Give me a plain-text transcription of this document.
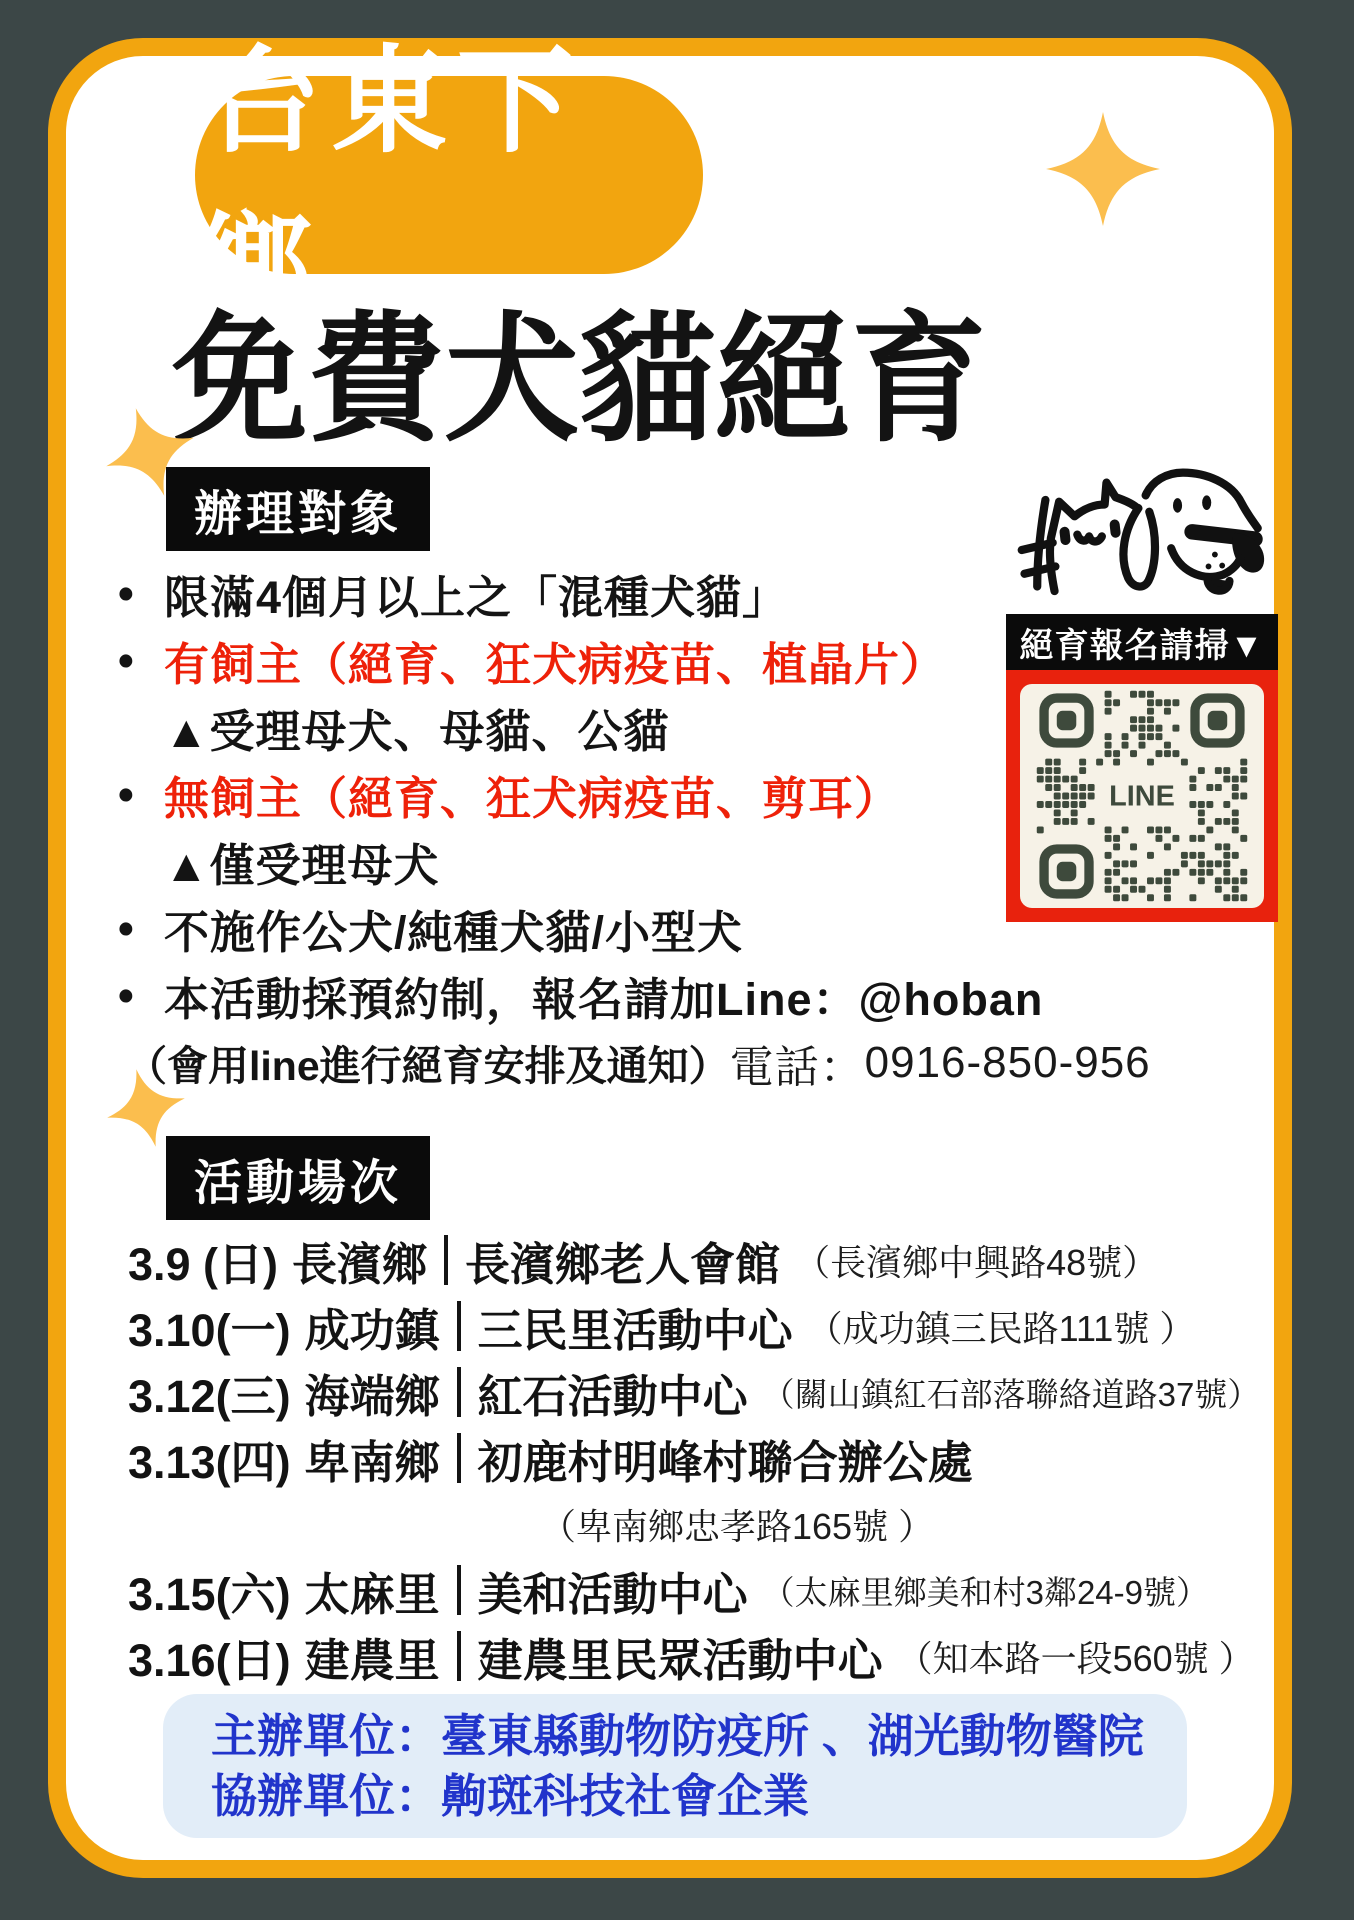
台東下鄉
免費犬貓絕育
辦理對象
• 限滿4個月以上之「混種犬貓」
• 有飼主（絕育、狂犬病疫苗、植晶片）
▲受理母犬、母貓、公貓
• 無飼主（絕育、狂犬病疫苗、剪耳）
▲僅受理母犬
• 不施作公犬/純種犬貓/小型犬
• 本活動採預約制，報名請加Line：@hoban
（會用line進行絕育安排及通知） 電話： 0916-850-956
絕育報名請掃▼
LINE
活動場次
3.9 (日) 長濱鄉 長濱鄉老人會館 （長濱鄉中興路48號）
3.10(一) 成功鎮 三民里活動中心 （成功鎮三民路111號 ）
3.12(三) 海端鄉 紅石活動中心 （關山鎮紅石部落聯絡道路37號）
3.13(四) 卑南鄉 初鹿村明峰村聯合辦公處
（卑南鄉忠孝路165號 ）
3.15(六) 太麻里 美和活動中心 （太麻里鄉美和村3鄰24-9號）
3.16(日) 建農里 建農里民眾活動中心 （知本路一段560號 ）
主辦單位：臺東縣動物防疫所 、湖光動物醫院
協辦單位：齁斑科技社會企業
